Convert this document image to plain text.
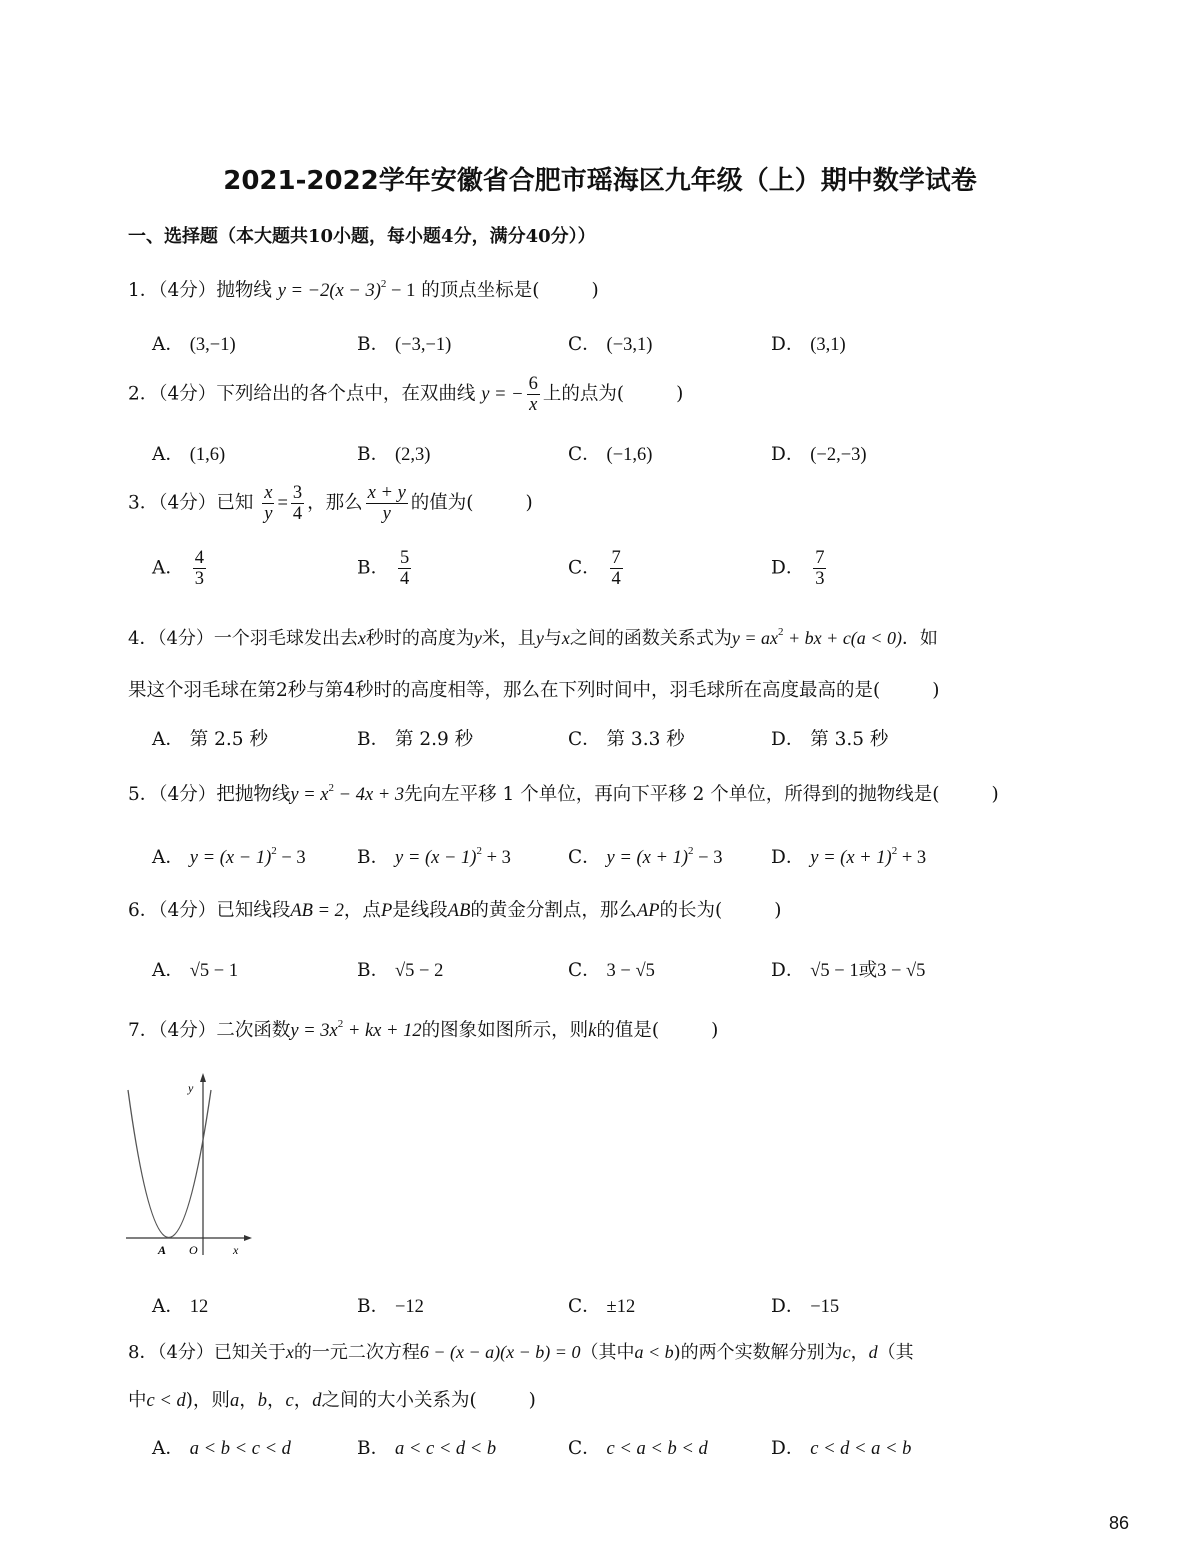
2021-2022学年安徽省合肥市瑶海区九年级（上）期中数学试卷
一、选择题（本大题共10小题，每小题4分，满分40分））
1．（4分）抛物线 $y = -2(x - 3)^2 - 1$ 的顶点坐标是(	)
A． (3,−1)	B． (−3,−1)	C． (−3,1)	D． (3,1)
2．（4分）下列给出的各个点中，在双曲线 y = − $\frac{6}{x}$ 上的点为(	)
A． (1,6)	B． (2,3)	C． (−1,6)	D． (−2,−3)
3．（4分）已知 $\frac{x}{y} = \frac{3}{4}$ ，那么 $\frac{x + y}{y}$ 的值为(	)
A． $\frac{4}{3}$	B． $\frac{5}{4}$	C． $\frac{7}{4}$	D． $\frac{7}{3}$
4．（4分）一个羽毛球发出去x秒时的高度为y米，且y与x之间的函数关系式为$y = ax^2$ + bx + c(a < 0)．如
果这个羽毛球在第2秒与第4秒时的高度相等，那么在下列时间中，羽毛球所在高度最高的是(	)
A． 第 2.5 秒	B． 第 2.9 秒	C． 第 3.3 秒	D． 第 3.5 秒
5．（4分）把抛物线$y = x^2 - 4x + 3$先向左平移 1 个单位，再向下平移 2 个单位，所得到的抛物线是(	)
A． $y = (x - 1)^2 - 3$	B． $y = (x - 1)^2 + 3$	C． $y = (x + 1)^2 - 3$	D． $y = (x + 1)^2 + 3$
6．（4分）已知线段AB = 2，点P是线段AB的黄金分割点，那么AP的长为(	)
A． √5 − 1	B． √5 − 2	C． 3 − √5	D． √5 − 1或3 − √5
7．（4分）二次函数$y = 3x^2$ + kx + 12的图象如图所示，则k的值是(	)
y
x
O
A
A． 12	B． −12	C． ±12	D． −15
8．（4分）已知关于x的一元二次方程6 − (x − a)(x − b) = 0（其中a < b)的两个实数解分别为c，d（其
中c < d)，则a，b，c，d之间的大小关系为(	)
A． a < b < c < d	B． a < c < d < b	C． c < a < b < d	D． c < d < a < b
86
